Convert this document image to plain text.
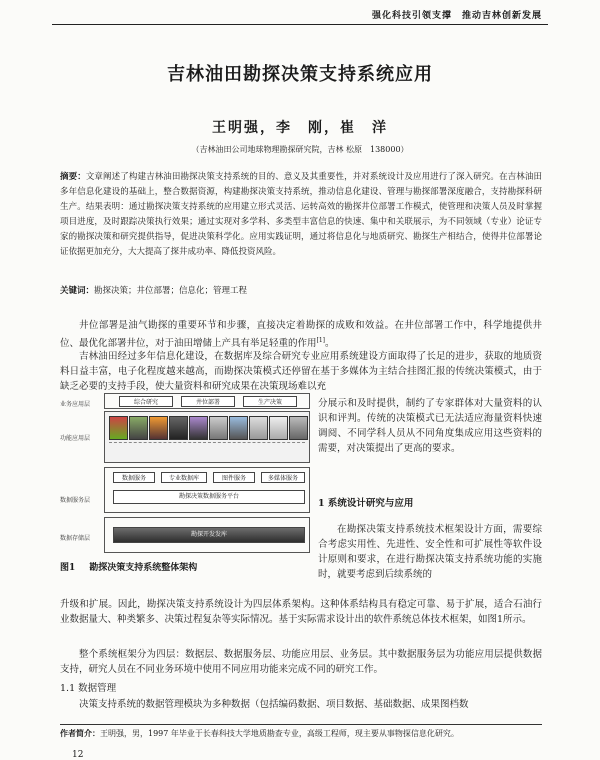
强化科技引领支撑　推动吉林创新发展
吉林油田勘探决策支持系统应用
王明强，李　刚，崔　洋
（吉林油田公司地球物理勘探研究院，吉林 松原　138000）
摘要：文章阐述了构建吉林油田勘探决策支持系统的目的、意义及其重要性，并对系统设计及应用进行了深入研究。在吉林油田多年信息化建设的基础上，整合数据资源，构建勘探决策支持系统，推动信息化建设、管理与勘探部署深度融合，支持勘探科研生产。结果表明：通过勘探决策支持系统的应用建立形式灵活、运转高效的勘探井位部署工作模式，使管理和决策人员及时掌握项目进度，及时跟踪决策执行效果；通过实现对多学科、多类型丰富信息的快速、集中和关联展示，为不同领域（专业）论证专家的勘探决策和研究提供指导，促进决策科学化。应用实践证明，通过将信息化与地质研究、勘探生产相结合，使得井位部署论证依据更加充分，大大提高了探井成功率、降低投资风险。
关键词：勘探决策；井位部署；信息化；管理工程
井位部署是油气勘探的重要环节和步骤，直接决定着勘探的成败和效益。在井位部署工作中，科学地提供井位、最优化部署井位，对于油田增储上产具有举足轻重的作用[1]。
吉林油田经过多年信息化建设，在数据库及综合研究专业应用系统建设方面取得了长足的进步，获取的地质资料日益丰富，电子化程度越来越高，而勘探决策模式还停留在基于多媒体为主结合挂图汇报的传统决策模式，由于缺乏必要的支持手段，使大量资料和研究成果在决策现场难以充
业务应用层	综合研究	井位部署	生产决策
功能应用层
数据服务层
数据服务	专业数据库	图件服务	多媒体服务
勘探决策数据服务平台
数据存储层
勘探开发发库
图1 勘探决策支持系统整体架构
分展示和及时提供，制约了专家群体对大量资料的认识和评判。传统的决策模式已无法适应海量资料快速调阅、不同学科人员从不同角度集成应用这些资料的需要，对决策提出了更高的要求。
1 系统设计研究与应用
在勘探决策支持系统技术框架设计方面，需要综合考虑实用性、先进性、安全性和可扩展性等软件设计原则和要求，在进行勘探决策支持系统功能的实施时，就要考虑到后续系统的
升级和扩展。因此，勘探决策支持系统设计为四层体系架构。这种体系结构具有稳定可靠、易于扩展，适合石油行业数据量大、种类繁多、决策过程复杂等实际情况。基于实际需求设计出的软件系统总体技术框架，如图1所示。
整个系统框架分为四层：数据层、数据服务层、功能应用层、业务层。其中数据服务层为功能应用层提供数据支持，研究人员在不同业务环境中使用不同应用功能来完成不同的研究工作。
1.1 数据管理
决策支持系统的数据管理模块为多种数据（包括编码数据、项目数据、基础数据、成果图档数
作者简介：王明强，男，1997 年毕业于长春科技大学地质勘查专业，高级工程师，现主要从事物探信息化研究。
12
